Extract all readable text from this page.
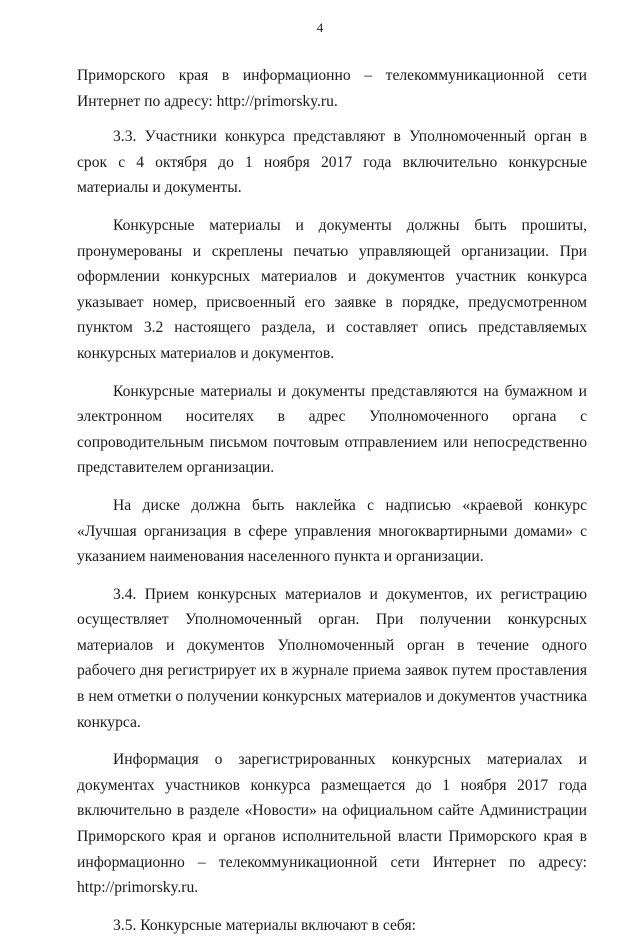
4

Приморского края в информационно – телекоммуникационной сети Интернет по адресу: http://primorsky.ru.

3.3. Участники конкурса представляют в Уполномоченный орган в срок с 4 октября до 1 ноября 2017 года включительно конкурсные материалы и документы.

Конкурсные материалы и документы должны быть прошиты, пронумерованы и скреплены печатью управляющей организации. При оформлении конкурсных материалов и документов участник конкурса указывает номер, присвоенный его заявке в порядке, предусмотренном пунктом 3.2 настоящего раздела, и составляет опись представляемых конкурсных материалов и документов.

Конкурсные материалы и документы представляются на бумажном и электронном носителях в адрес Уполномоченного органа с сопроводительным письмом почтовым отправлением или непосредственно представителем организации.

На диске должна быть наклейка с надписью «краевой конкурс «Лучшая организация в сфере управления многоквартирными домами» с указанием наименования населенного пункта и организации.

3.4. Прием конкурсных материалов и документов, их регистрацию осуществляет Уполномоченный орган. При получении конкурсных материалов и документов Уполномоченный орган в течение одного рабочего дня регистрирует их в журнале приема заявок путем проставления в нем отметки о получении конкурсных материалов и документов участника конкурса.

Информация о зарегистрированных конкурсных материалах и документах участников конкурса размещается до 1 ноября 2017 года включительно в разделе «Новости» на официальном сайте Администрации Приморского края и органов исполнительной власти Приморского края в информационно – телекоммуникационной сети Интернет по адресу: http://primorsky.ru.

3.5. Конкурсные материалы включают в себя:
